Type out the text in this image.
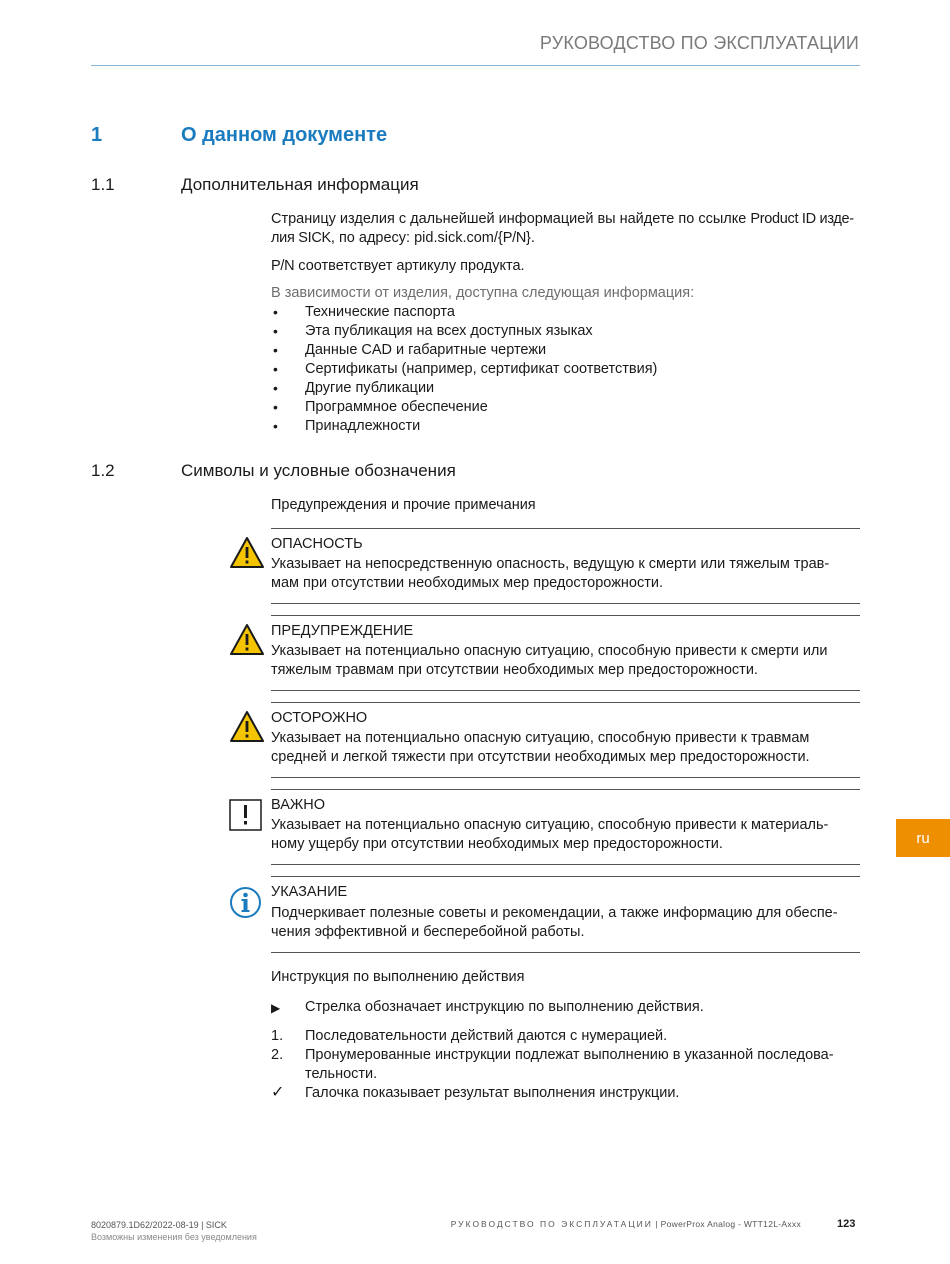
РУКОВОДСТВО ПО ЭКСПЛУАТАЦИИ
1	О данном документе
1.1	Дополнительная информация
Страницу изделия с дальнейшей информацией вы найдете по ссылке Product ID изде-
лия SICK, по адресу: pid.sick.com/{P/N}.
P/N соответствует артикулу продукта.
В зависимости от изделия, доступна следующая информация:
• Технические паспорта
• Эта публикация на всех доступных языках
• Данные CAD и габаритные чертежи
• Сертификаты (например, сертификат соответствия)
• Другие публикации
• Программное обеспечение
• Принадлежности
1.2	Символы и условные обозначения
Предупреждения и прочие примечания
ОПАСНОСТЬ
Указывает на непосредственную опасность, ведущую к смерти или тяжелым трав-
мам при отсутствии необходимых мер предосторожности.
ПРЕДУПРЕЖДЕНИЕ
Указывает на потенциально опасную ситуацию, способную привести к смерти или
тяжелым травмам при отсутствии необходимых мер предосторожности.
ОСТОРОЖНО
Указывает на потенциально опасную ситуацию, способную привести к травмам
средней и легкой тяжести при отсутствии необходимых мер предосторожности.
ВАЖНО
Указывает на потенциально опасную ситуацию, способную привести к материаль-
ному ущербу при отсутствии необходимых мер предосторожности.
УКАЗАНИЕ
Подчеркивает полезные советы и рекомендации, а также информацию для обеспе-
чения эффективной и бесперебойной работы.
Инструкция по выполнению действия
▶ Стрелка обозначает инструкцию по выполнению действия.
1. Последовательности действий даются с нумерацией.
2. Пронумерованные инструкции подлежат выполнению в указанной последова-
тельности.
✓ Галочка показывает результат выполнения инструкции.
ru
8020879.1D62/2022-08-19 | SICK
Возможны изменения без уведомления
РУКОВОДСТВО ПО ЭКСПЛУАТАЦИИ | PowerProx Analog - WTT12L-Axxx	123
